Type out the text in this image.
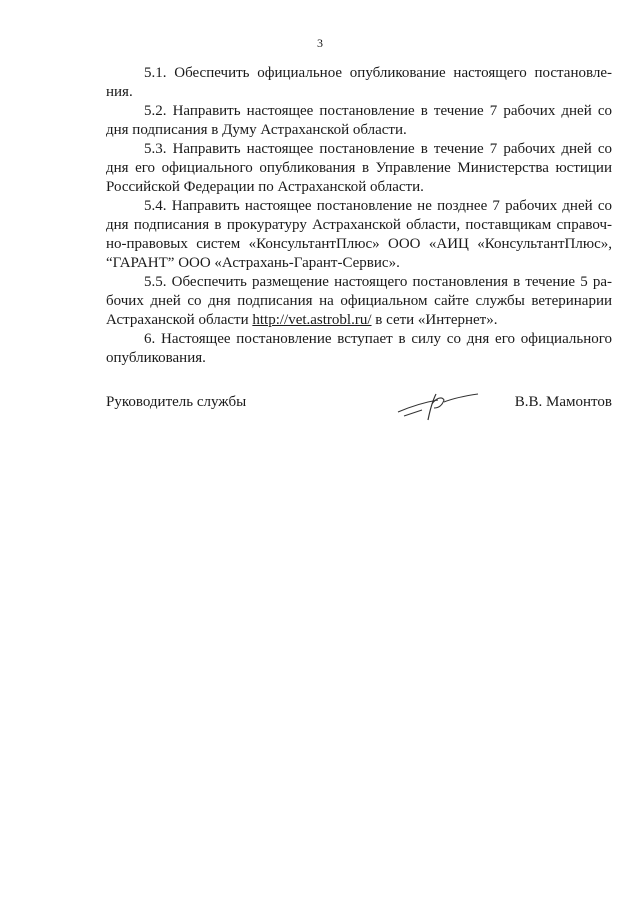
3

5.1. Обеспечить официальное опубликование настоящего постановле-ния.

5.2. Направить настоящее постановление в течение 7 рабочих дней со дня подписания в Думу Астраханской области.

5.3. Направить настоящее постановление в течение 7 рабочих дней со дня его официального опубликования в Управление Министерства юстиции Российской Федерации по Астраханской области.

5.4. Направить настоящее постановление не позднее 7 рабочих дней со дня подписания в прокуратуру Астраханской области, поставщикам справоч-но-правовых систем «КонсультантПлюс» ООО «АИЦ «КонсультантПлюс», “ГАРАНТ” ООО «Астрахань-Гарант-Сервис».

5.5. Обеспечить размещение настоящего постановления в течение 5 ра-бочих дней со дня подписания на официальном сайте службы ветеринарии Астраханской области http://vet.astrobl.ru/ в сети «Интернет».

6. Настоящее постановление вступает в силу со дня его официального опубликования.

Руководитель службы	В.В. Мамонтов
